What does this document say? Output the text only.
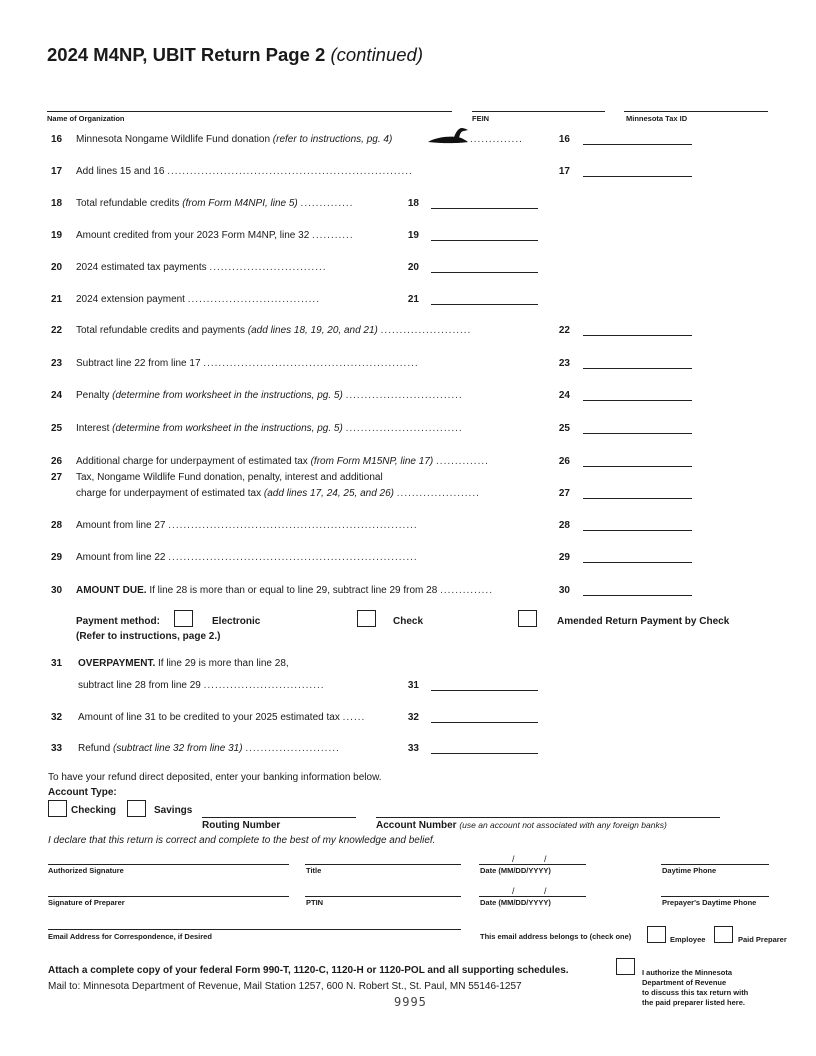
2024 M4NP, UBIT Return Page 2 (continued)
Name of Organization	FEIN	Minnesota Tax ID
16	Minnesota Nongame Wildlife Fund donation (refer to instructions, pg. 4)	..............	16
17	Add lines 15 and 16 .................................................................	17
18	Total refundable credits (from Form M4NPI, line 5) ..............	18
19	Amount credited from your 2023 Form M4NP, line 32 ...........	19
20	2024 estimated tax payments ...............................	20
21	2024 extension payment ...................................	21
22	Total refundable credits and payments (add lines 18, 19, 20, and 21) ........................	22
23	Subtract line 22 from line 17 .........................................................	23
24	Penalty (determine from worksheet in the instructions, pg. 5) ...............................	24
25	Interest (determine from worksheet in the instructions, pg. 5) ...............................	25
26	Additional charge for underpayment of estimated tax (from Form M15NP, line 17) ..............	26
27	Tax, Nongame Wildlife Fund donation, penalty, interest and additional
charge for underpayment of estimated tax (add lines 17, 24, 25, and 26) ......................	27
28	Amount from line 27 ..................................................................	28
29	Amount from line 22 ..................................................................	29
30	AMOUNT DUE. If line 28 is more than or equal to line 29, subtract line 29 from 28 ..............	30
Payment method:	Electronic	Check	Amended Return Payment by Check
(Refer to instructions, page 2.)
31	OVERPAYMENT. If line 29 is more than line 28,
subtract line 28 from line 29 ................................	31
32	Amount of line 31 to be credited to your 2025 estimated tax ......	32
33	Refund (subtract line 32 from line 31) .........................	33
To have your refund direct deposited, enter your banking information below.
Account Type:
Checking	Savings
Routing Number	Account Number (use an account not associated with any foreign banks)
I declare that this return is correct and complete to the best of my knowledge and belief.
/	/
Authorized Signature	Title	Date (MM/DD/YYYY)	Daytime Phone
/	/
Signature of Preparer	PTIN	Date (MM/DD/YYYY)	Prepayer's Daytime Phone
Email Address for Correspondence, if Desired	This email address belongs to (check one)	Employee	Paid Preparer
Attach a complete copy of your federal Form 990-T, 1120-C, 1120-H or 1120-POL and all supporting schedules.
Mail to: Minnesota Department of Revenue, Mail Station 1257, 600 N. Robert St., St. Paul, MN 55146-1257
9995
I authorize the Minnesota
Department of Revenue
to discuss this tax return with
the paid preparer listed here.
